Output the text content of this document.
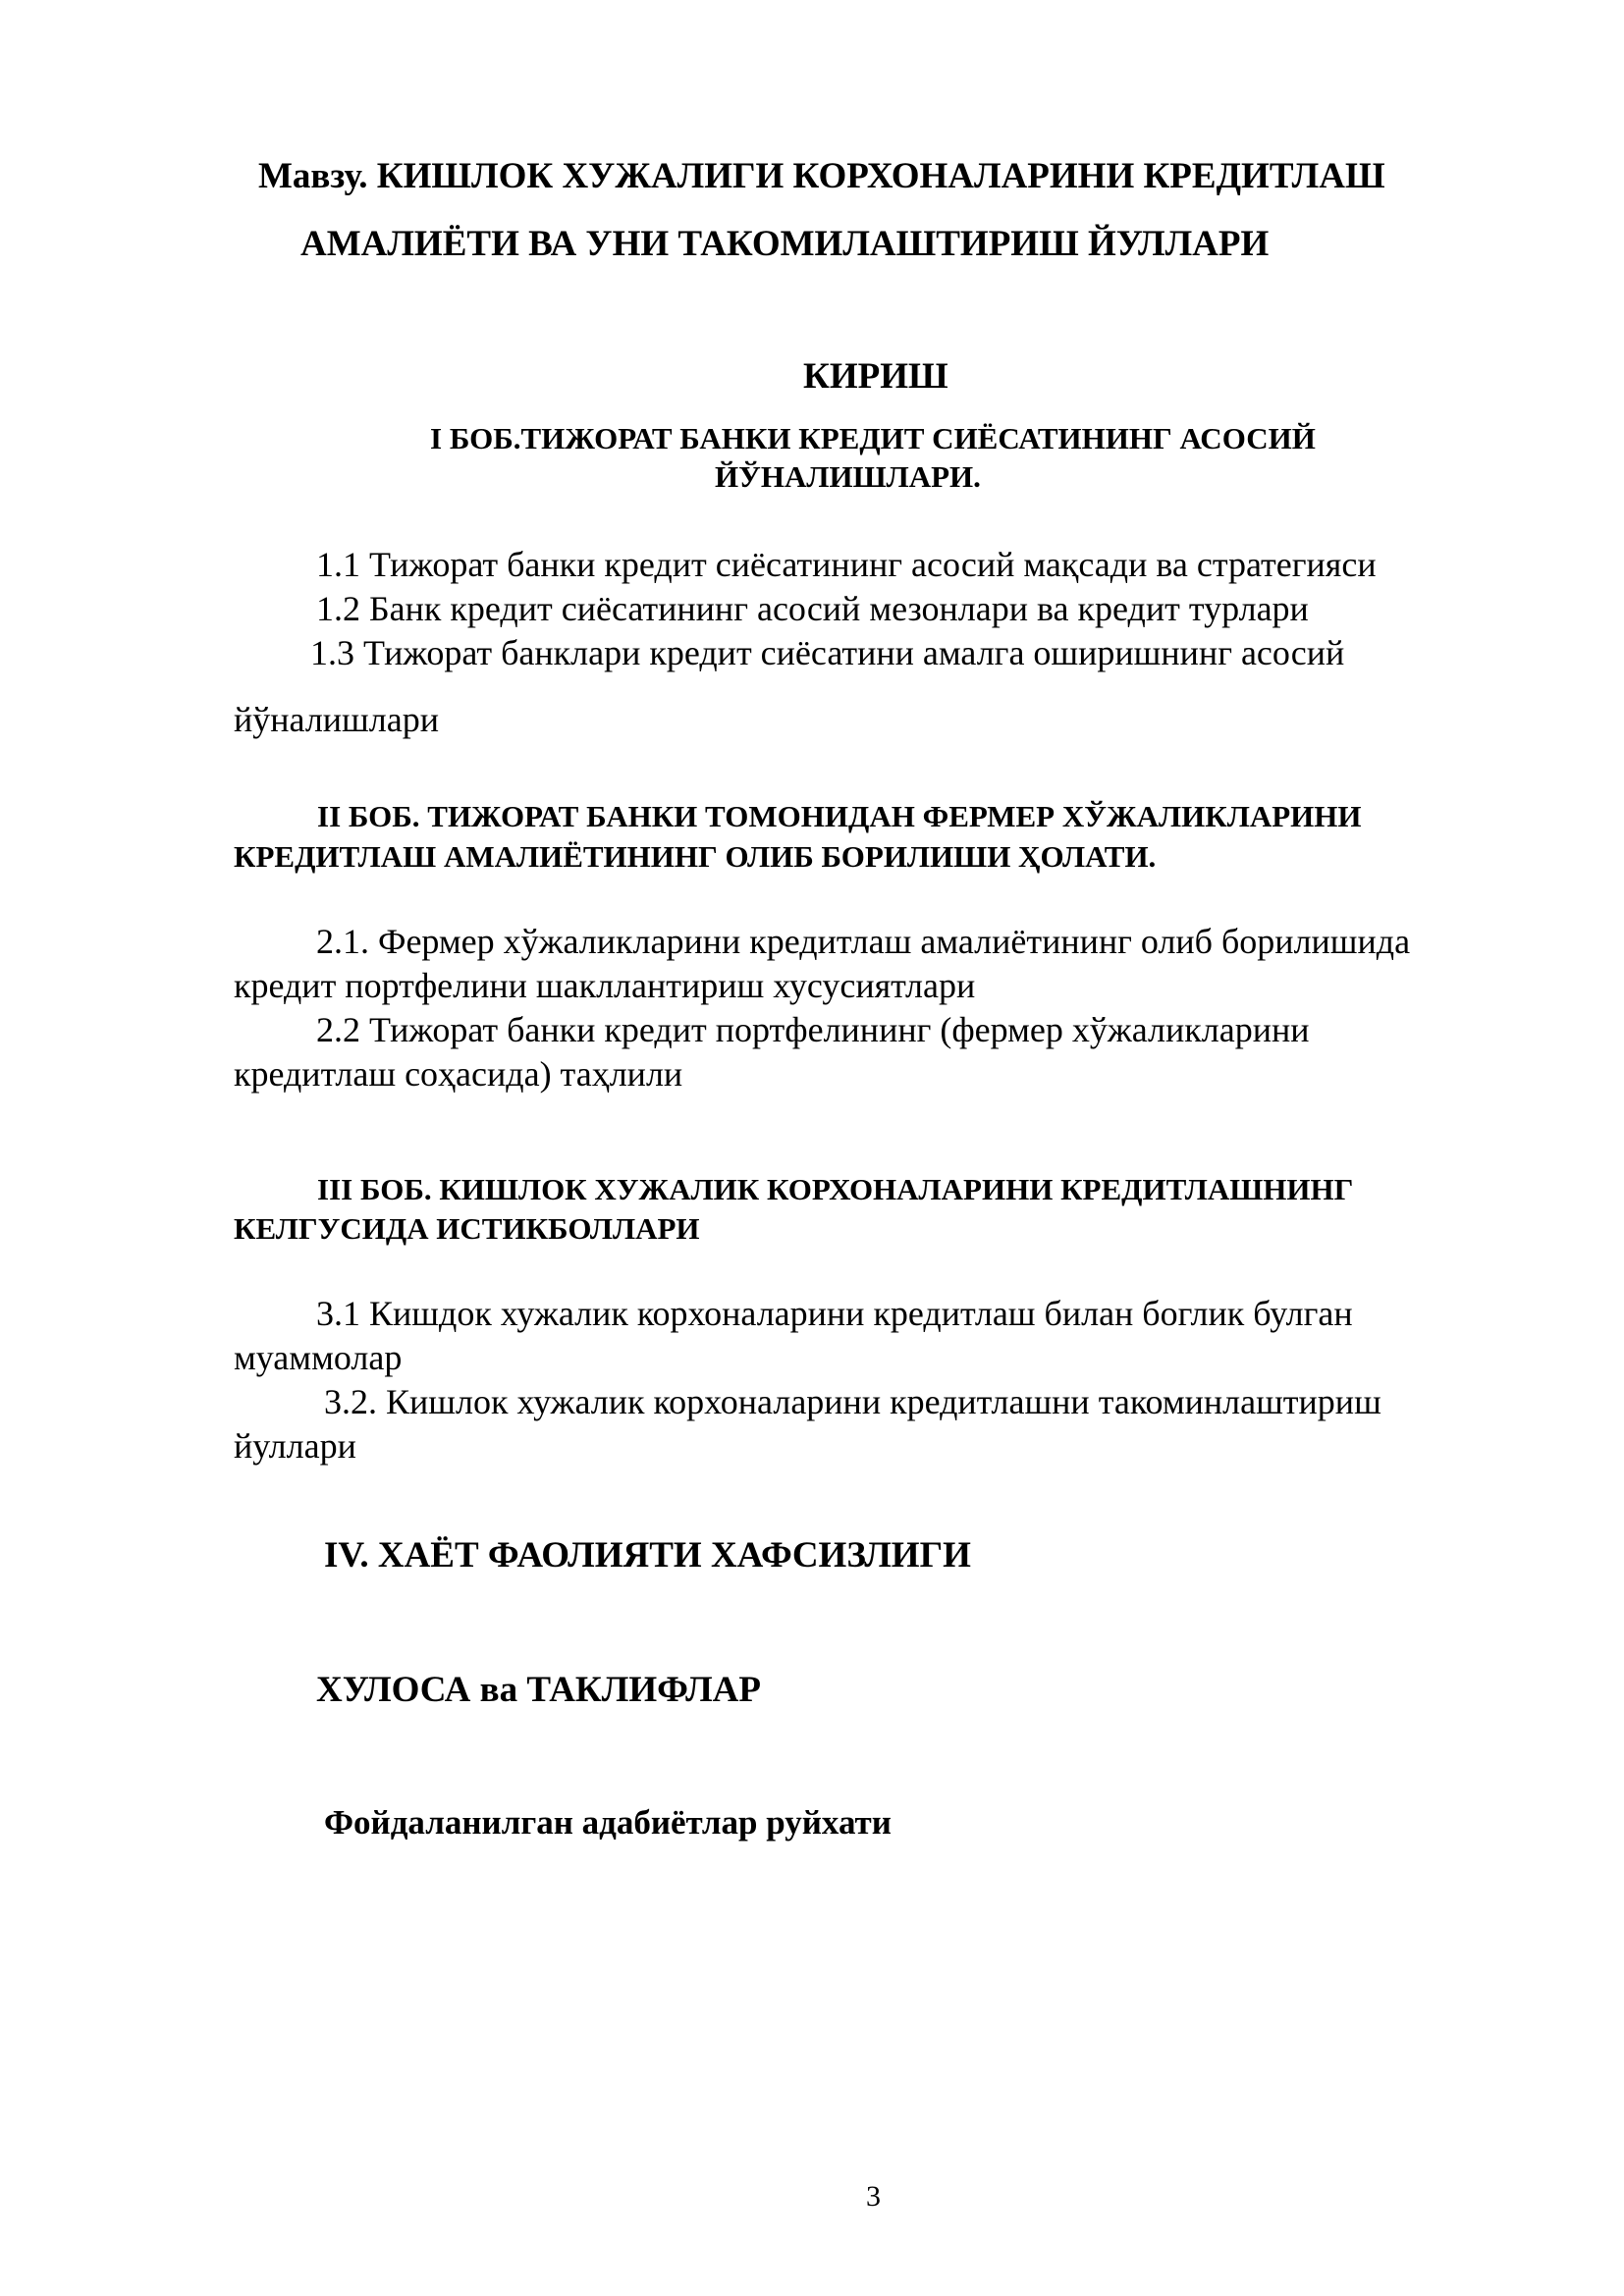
Мавзу. КИШЛОК ХУЖАЛИГИ КОРХОНАЛАРИНИ КРЕДИТЛАШ
АМАЛИЁТИ ВА УНИ ТАКОМИЛАШТИРИШ ЙУЛЛАРИ
КИРИШ
I БОБ.ТИЖОРАТ БАНКИ КРЕДИТ СИЁСАТИНИНГ АСОСИЙ
ЙЎНАЛИШЛАРИ.
1.1 Тижорат банки кредит сиёсатининг асосий мақсади ва стратегияси
1.2 Банк кредит сиёсатининг асосий мезонлари ва кредит турлари
1.3 Тижорат банклари кредит сиёсатини амалга оширишнинг асосий
йўналишлари
II БОБ. ТИЖОРАТ БАНКИ ТОМОНИДАН ФЕРМЕР ХЎЖАЛИКЛАРИНИ
КРЕДИТЛАШ АМАЛИЁТИНИНГ ОЛИБ БОРИЛИШИ ҲОЛАТИ.
2.1. Фермер хўжаликларини кредитлаш амалиётининг олиб борилишида
кредит портфелини шакллантириш хусусиятлари
2.2 Тижорат банки кредит портфелининг (фермер хўжаликларини
кредитлаш соҳасида) таҳлили
III БОБ. КИШЛОК ХУЖАЛИК КОРХОНАЛАРИНИ КРЕДИТЛАШНИНГ
КЕЛГУСИДА ИСТИКБОЛЛАРИ
3.1 Кишдок хужалик корхоналарини кредитлаш билан боглик булган
муаммолар
3.2. Кишлок хужалик корхоналарини кредитлашни такоминлаштириш
йуллари
IV. ХАЁТ ФАОЛИЯТИ ХАФСИЗЛИГИ
ХУЛОСА ва ТАКЛИФЛАР
Фойдаланилган адабиётлар руйхати
3
